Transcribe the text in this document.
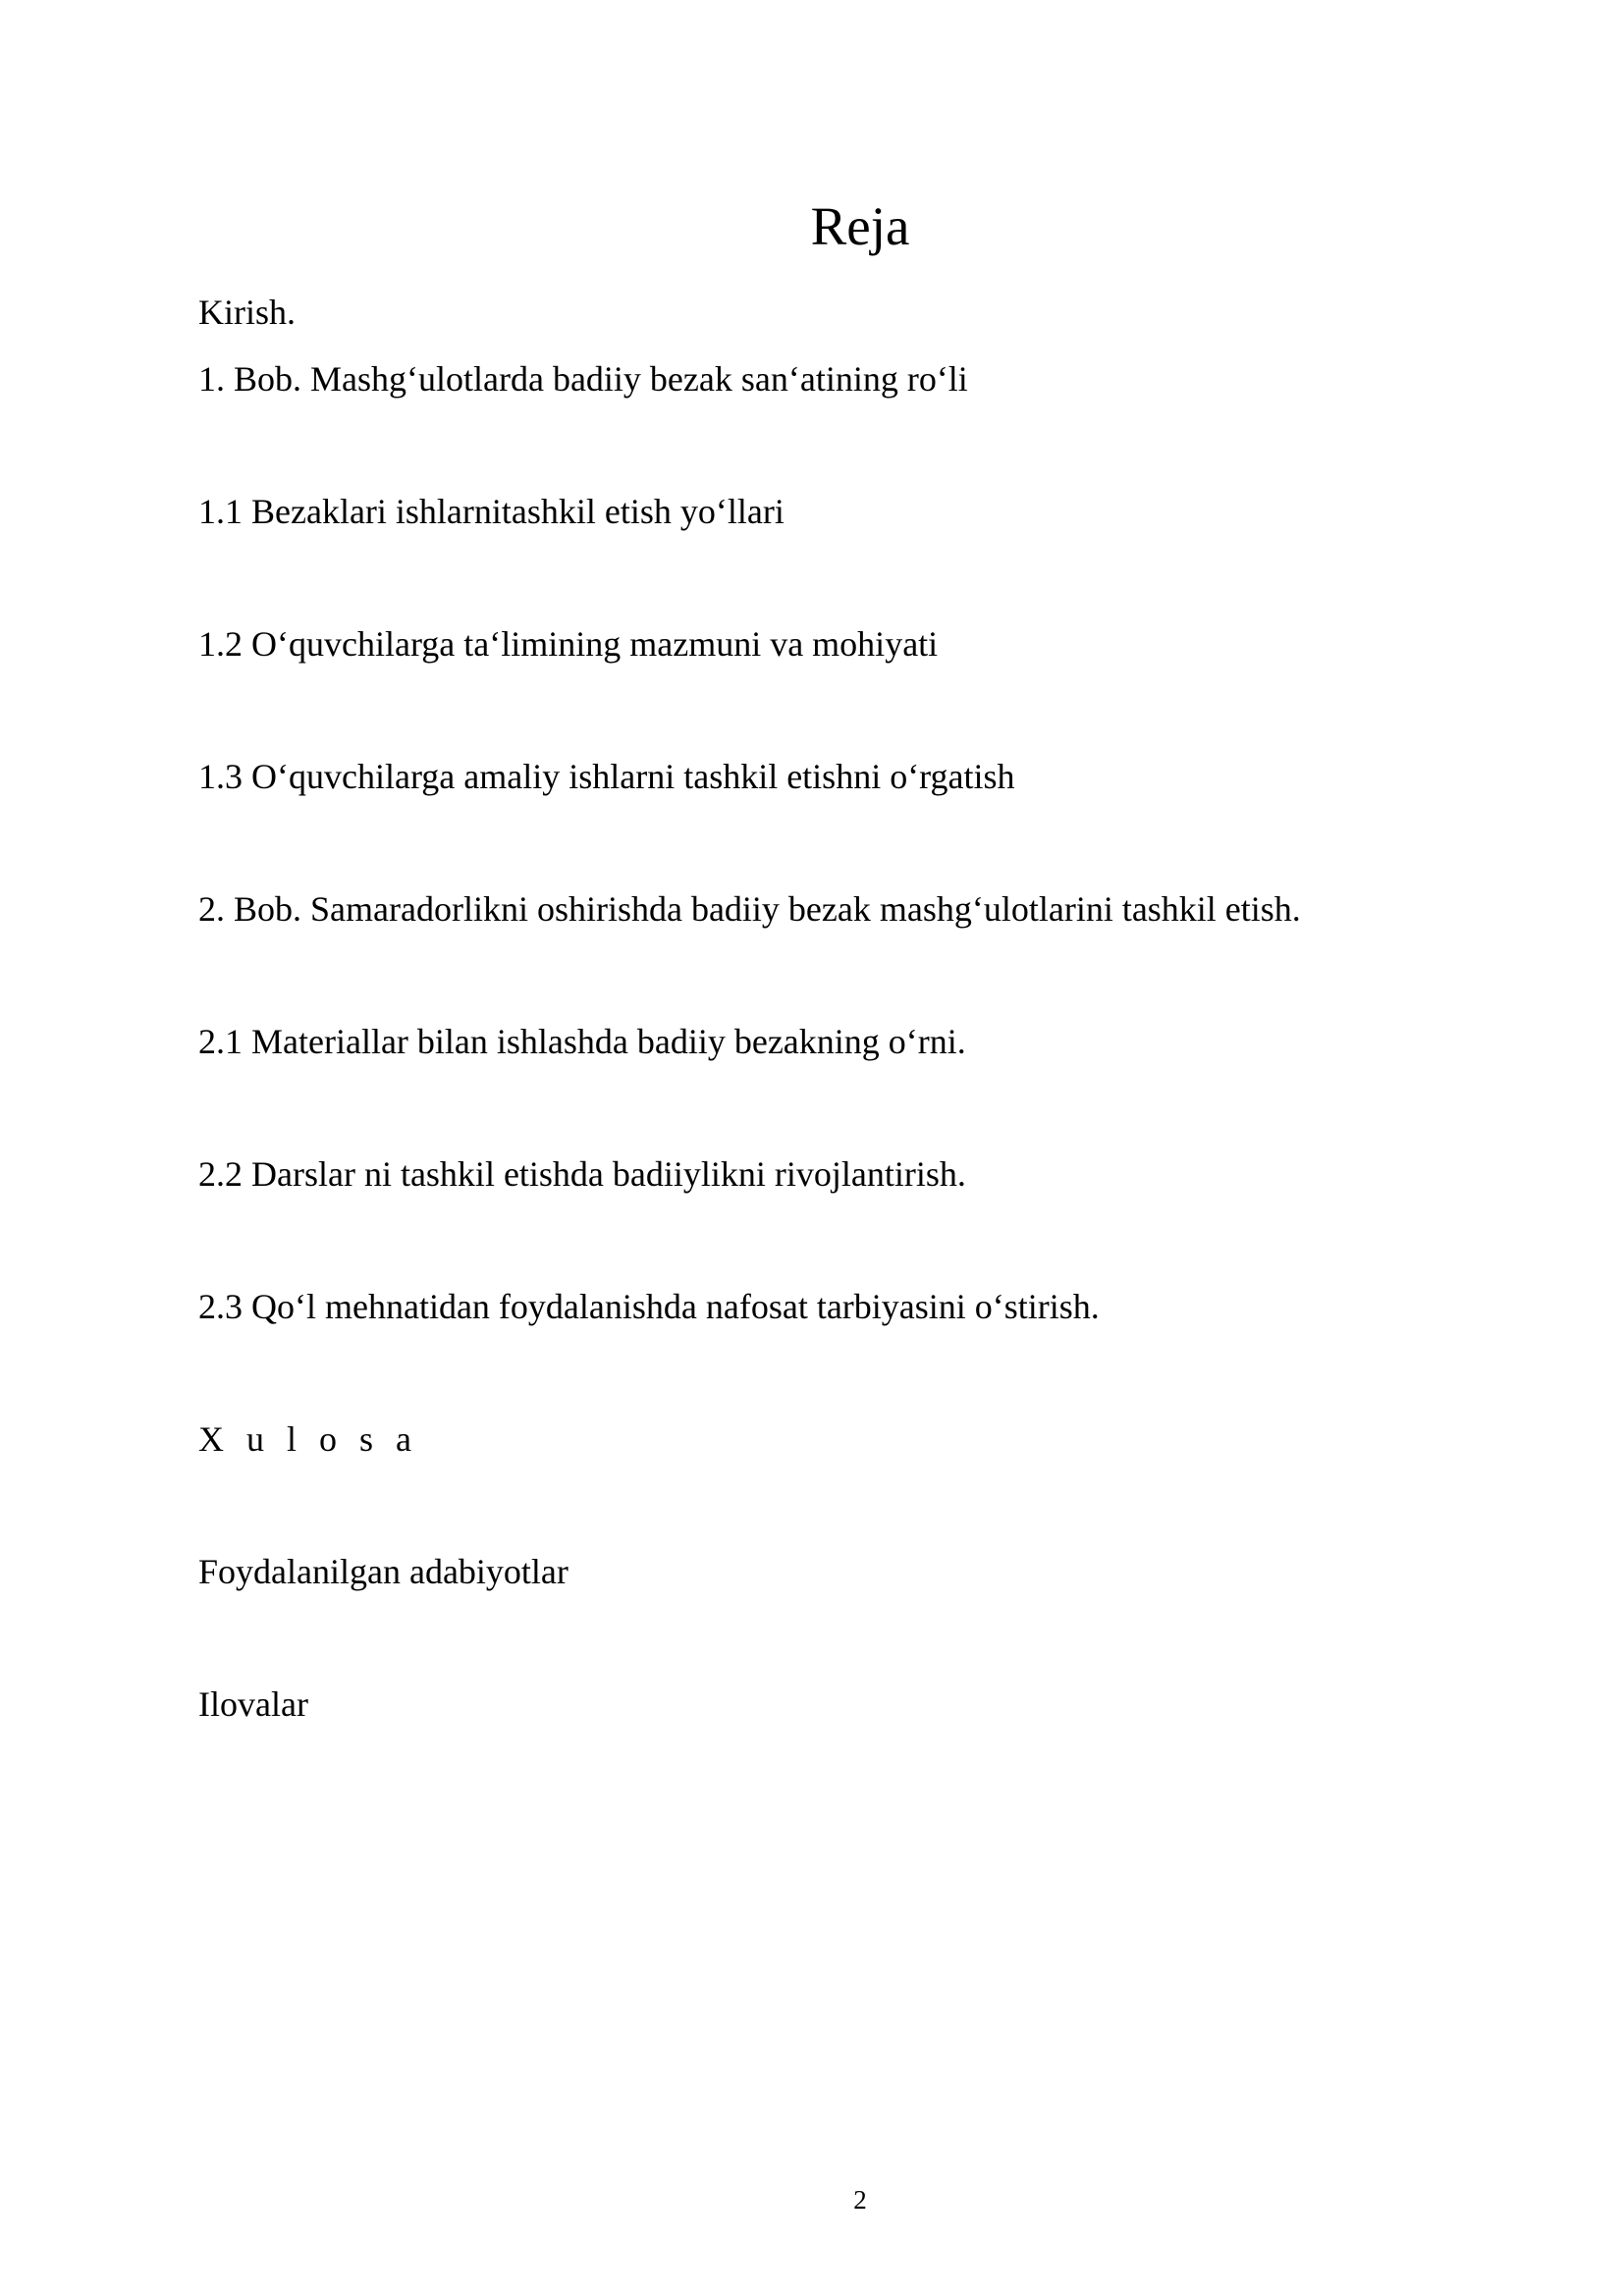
Reja
Kirish.
1. Bob. Mashgʻulotlarda badiiy bezak sanʻatining roʻli
1.1 Bezaklari ishlarnitashkil etish yoʻllari
1.2 Oʻquvchilarga taʻlimining mazmuni va mohiyati
1.3 Oʻquvchilarga amaliy ishlarni tashkil etishni oʻrgatish
2. Bob. Samaradorlikni oshirishda badiiy bezak mashgʻulotlarini tashkil etish.
2.1 Materiallar bilan ishlashda badiiy bezakning oʻrni.
2.2 Darslar ni tashkil etishda badiiylikni rivojlantirish.
2.3 Qoʻl mehnatidan foydalanishda nafosat tarbiyasini oʻstirish.
X u l o s a
Foydalanilgan adabiyotlar
Ilovalar
2
